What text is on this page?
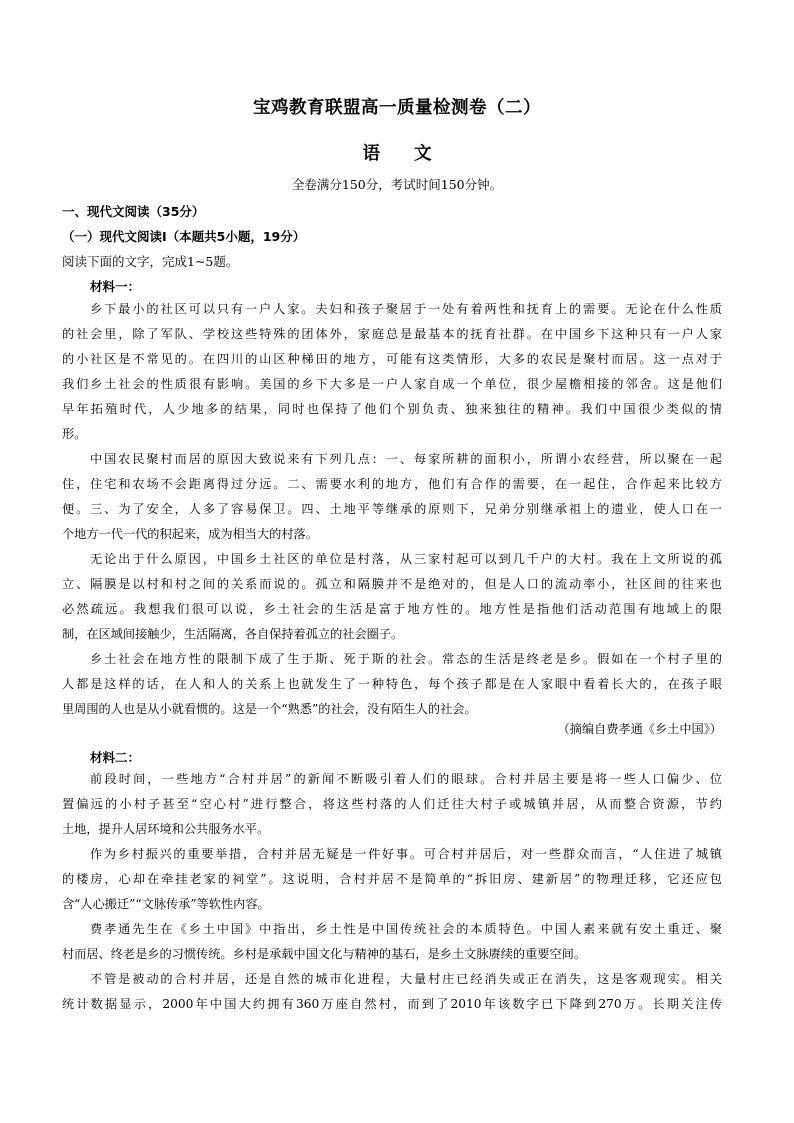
宝鸡教育联盟高一质量检测卷（二）
语 文
全卷满分150分，考试时间150分钟。
一、现代文阅读（35分）
（一）现代文阅读Ⅰ（本题共5小题，19分）
阅读下面的文字，完成1~5题。
材料一：
乡下最小的社区可以只有一户人家。夫妇和孩子聚居于一处有着两性和抚育上的需要。无论在什么性质
的社会里，除了军队、学校这些特殊的团体外，家庭总是最基本的抚育社群。在中国乡下这种只有一户人家
的小社区是不常见的。在四川的山区种梯田的地方，可能有这类情形，大多的农民是聚村而居。这一点对于
我们乡土社会的性质很有影响。美国的乡下大多是一户人家自成一个单位，很少屋檐相接的邻舍。这是他们
早年拓殖时代，人少地多的结果，同时也保持了他们个别负责、独来独往的精神。我们中国很少类似的情
形。
中国农民聚村而居的原因大致说来有下列几点：一、每家所耕的面积小，所谓小农经营，所以聚在一起
住，住宅和农场不会距离得过分远。二、需要水利的地方，他们有合作的需要，在一起住，合作起来比较方
便。三、为了安全，人多了容易保卫。四、土地平等继承的原则下，兄弟分别继承祖上的遗业，使人口在一
个地方一代一代的积起来，成为相当大的村落。
无论出于什么原因，中国乡土社区的单位是村落，从三家村起可以到几千户的大村。我在上文所说的孤
立、隔膜是以村和村之间的关系而说的。孤立和隔膜并不是绝对的，但是人口的流动率小，社区间的往来也
必然疏远。我想我们很可以说，乡土社会的生活是富于地方性的。地方性是指他们活动范围有地域上的限
制，在区域间接触少，生活隔离，各自保持着孤立的社会圈子。
乡土社会在地方性的限制下成了生于斯、死于斯的社会。常态的生活是终老是乡。假如在一个村子里的
人都是这样的话，在人和人的关系上也就发生了一种特色，每个孩子都是在人家眼中看着长大的，在孩子眼
里周围的人也是从小就看惯的。这是一个“熟悉”的社会，没有陌生人的社会。
（摘编自费孝通《乡土中国》）
材料二：
前段时间，一些地方“合村并居”的新闻不断吸引着人们的眼球。合村并居主要是将一些人口偏少、位
置偏远的小村子甚至“空心村”进行整合，将这些村落的人们迁往大村子或城镇并居，从而整合资源，节约
土地，提升人居环境和公共服务水平。
作为乡村振兴的重要举措，合村并居无疑是一件好事。可合村并居后，对一些群众而言，“人住进了城镇
的楼房，心却在牵挂老家的祠堂”。这说明，合村并居不是简单的“拆旧房、建新居”的物理迁移，它还应包
含“人心搬迁”“文脉传承”等软性内容。
费孝通先生在《乡土中国》中指出，乡土性是中国传统社会的本质特色。中国人素来就有安土重迁、聚
村而居、终老是乡的习惯传统。乡村是承载中国文化与精神的基石，是乡土文脉赓续的重要空间。
不管是被动的合村并居，还是自然的城市化进程，大量村庄已经消失或正在消失，这是客观现实。相关
统计数据显示，2000年中国大约拥有360万座自然村，而到了2010年该数字已下降到270万。长期关注传
